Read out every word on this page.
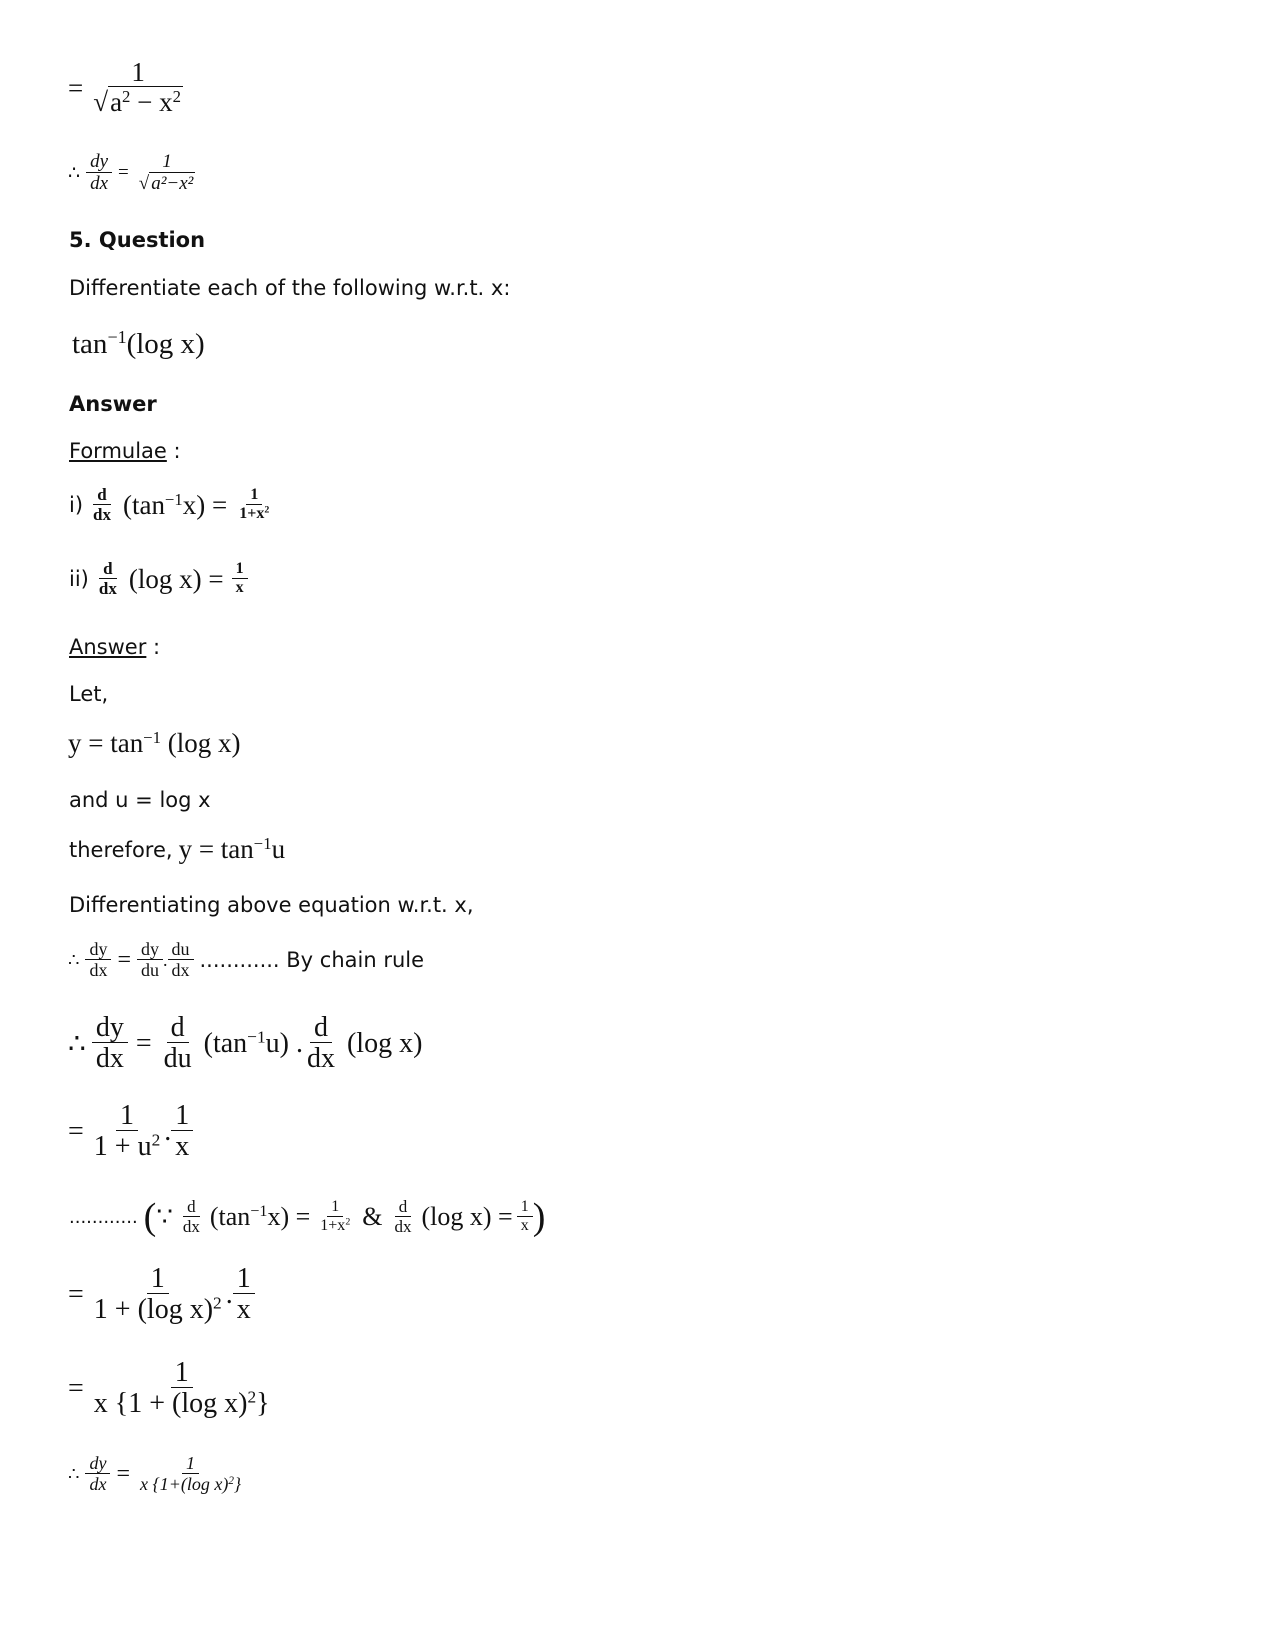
= $\frac{1}{√a^2 - x^2}$
∴ $\frac{dy}{dx} = \frac{1}{\text{√ a²−x²}}$
5. Question
Differentiate each of the following w.r.t. x:
$\tan^{-1}(\log$ x)
Answer
Formulae :
$i) \frac{d}{dx} (\tan^{-1}x) = \frac{1}{1+x^2}$
$ii) \frac{d}{dx} (\log$ $x) = \frac{1}{x}$
Answer :
Let,
$y = \tan^{-1} (\log$ x)
and u = log x
therefore, $y = \tan^{-1}u$
Differentiating above equation w.r.t. x,
∴ $\frac{dy}{dx} = \frac{dy}{du}$ . $\frac{du}{dx}$ ............ By chain rule
∴ $\frac{dy}{dx} = \frac{d}{du} (\tan^{-1}u)$ . $\frac{d}{dx} (\log$ x)
= $\frac{1}{1 + u^2}$ . $\frac{1}{x}$
............ ( ∵ $\frac{d}{dx} (\tan^{-1}x) = \frac{1}{1+x^2}$ & $\frac{d}{dx} (\log$ $x) = \frac{1}{x}$ )
= $\frac{1}{1 + (\log x)^2}$ . $\frac{1}{x}$
= $\frac{1}{x \{1 + (\log x)^2\}}$
∴ $\frac{dy}{dx} = \frac{1}{x \{1+(\log x)^2\}}$
